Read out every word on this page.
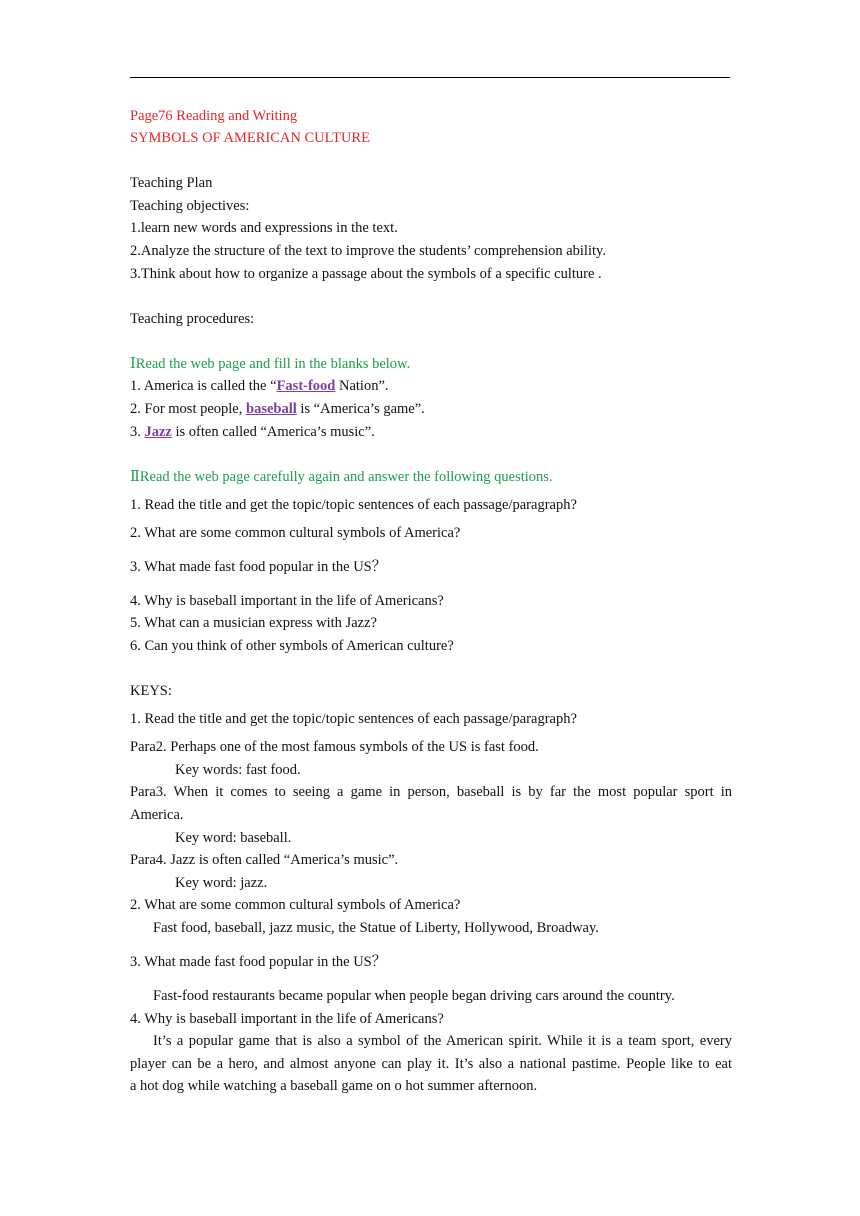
Page76 Reading and Writing
SYMBOLS OF AMERICAN CULTURE
Teaching Plan
Teaching objectives:
1.learn new words and expressions in the text.
2.Analyze the structure of the text to improve the students’ comprehension ability.
3.Think about how to organize a passage about the symbols of a specific culture .
Teaching procedures:
ⅠRead the web page and fill in the blanks below.
1. America is called the “Fast-food Nation”.
2. For most people, baseball is “America’s game”.
3. Jazz is often called “America’s music”.
ⅡRead the web page carefully again and answer the following questions.
1. Read the title and get the topic/topic sentences of each passage/paragraph?
2. What are some common cultural symbols of America?
3. What made fast food popular in the US？
4. Why is baseball important in the life of Americans?
5. What can a musician express with Jazz?
6. Can you think of other symbols of American culture?
KEYS:
1. Read the title and get the topic/topic sentences of each passage/paragraph?
Para2. Perhaps one of the most famous symbols of the US is fast food.
Key words: fast food.
Para3. When it comes to seeing a game in person, baseball is by far the most popular sport in
America.
Key word: baseball.
Para4. Jazz is often called “America’s music”.
Key word: jazz.
2. What are some common cultural symbols of America?
Fast food, baseball, jazz music, the Statue of Liberty, Hollywood, Broadway.
3. What made fast food popular in the US？
Fast-food restaurants became popular when people began driving cars around the country.
4. Why is baseball important in the life of Americans?
It’s a popular game that is also a symbol of the American spirit. While it is a team sport, every
player can be a hero, and almost anyone can play it. It’s also a national pastime. People like to eat
a hot dog while watching a baseball game on o hot summer afternoon.
